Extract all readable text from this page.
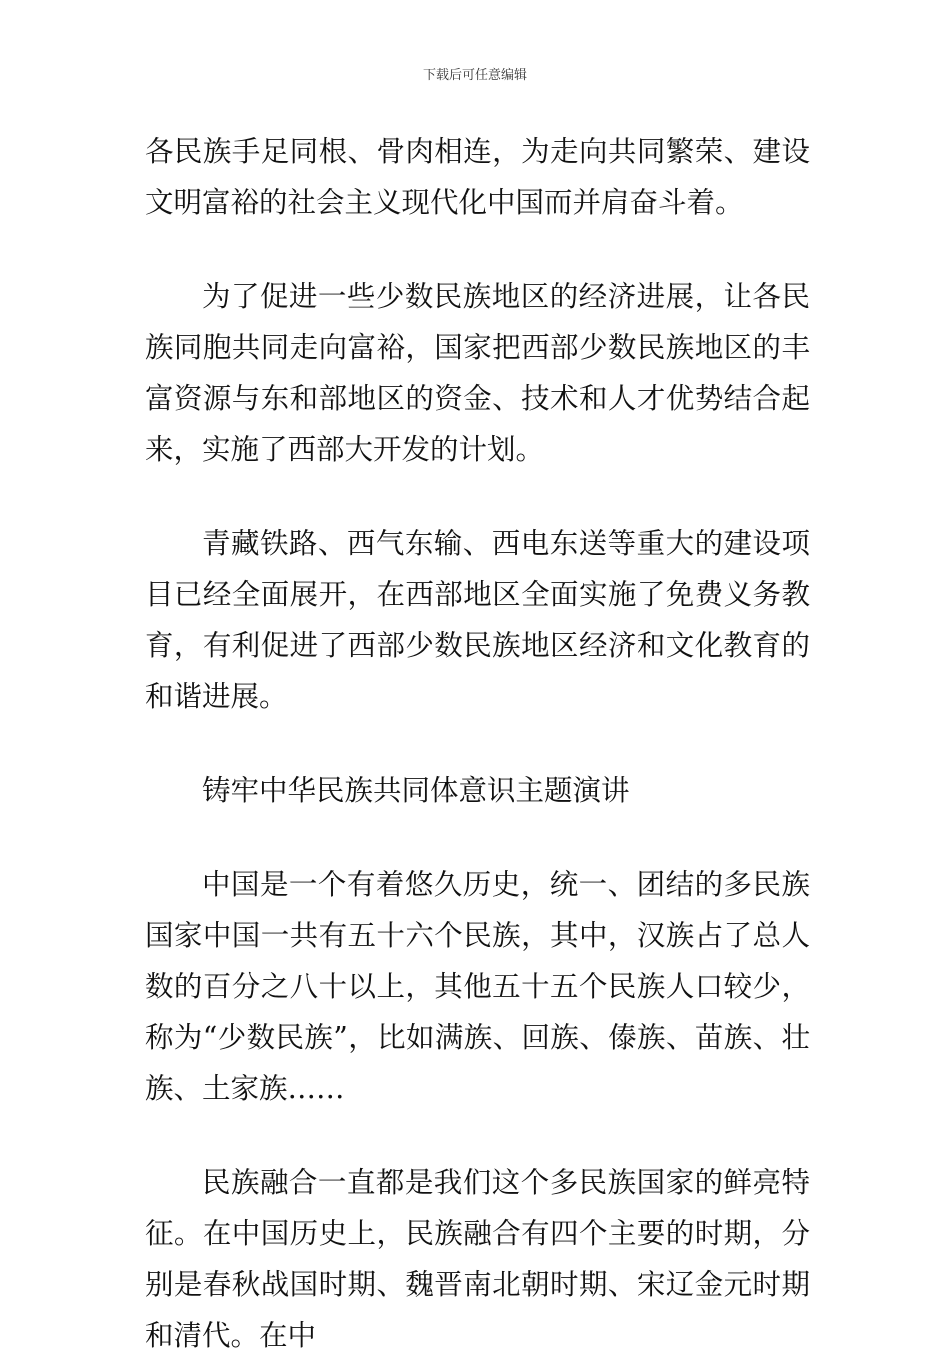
下载后可任意编辑

各民族手足同根、骨肉相连，为走向共同繁荣、建设文明富裕的社会主义现代化中国而并肩奋斗着。

为了促进一些少数民族地区的经济进展，让各民族同胞共同走向富裕，国家把西部少数民族地区的丰富资源与东和部地区的资金、技术和人才优势结合起来，实施了西部大开发的计划。

青藏铁路、西气东输、西电东送等重大的建设项目已经全面展开，在西部地区全面实施了免费义务教育，有利促进了西部少数民族地区经济和文化教育的和谐进展。

铸牢中华民族共同体意识主题演讲

中国是一个有着悠久历史，统一、团结的多民族国家中国一共有五十六个民族，其中，汉族占了总人数的百分之八十以上，其他五十五个民族人口较少，称为“少数民族”，比如满族、回族、傣族、苗族、壮族、土家族……

民族融合一直都是我们这个多民族国家的鲜亮特征。在中国历史上，民族融合有四个主要的时期，分别是春秋战国时期、魏晋南北朝时期、宋辽金元时期和清代。在中
